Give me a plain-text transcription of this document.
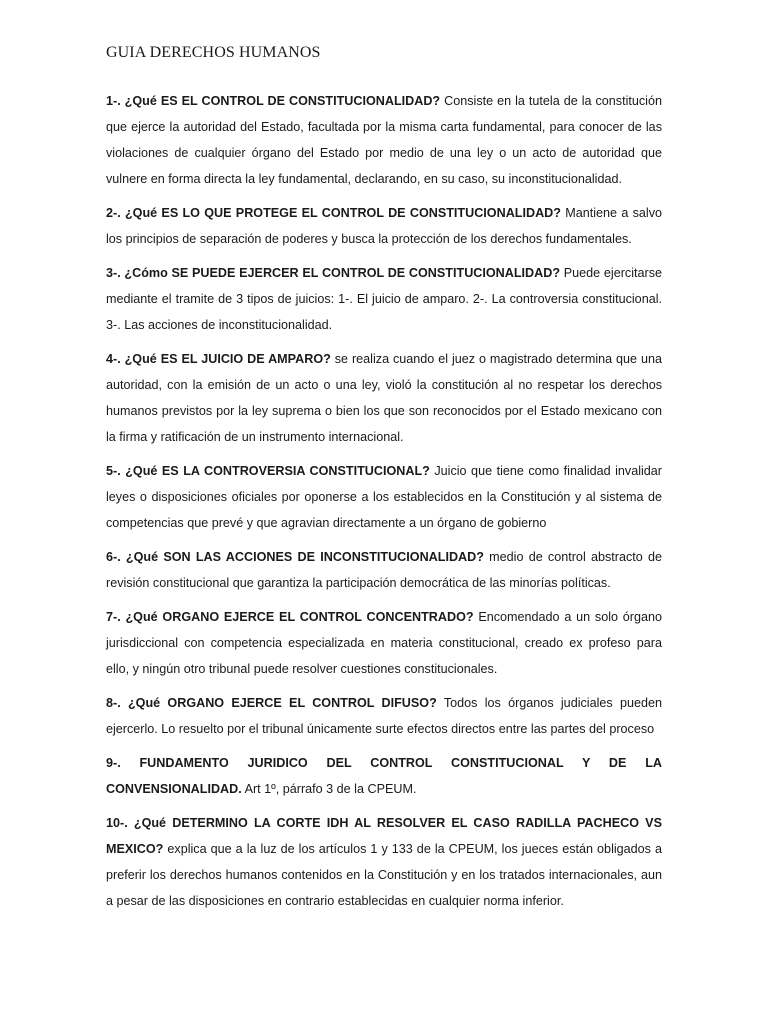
GUIA DERECHOS HUMANOS

1-. ¿Qué ES EL CONTROL DE CONSTITUCIONALIDAD? Consiste en la tutela de la constitución que ejerce la autoridad del Estado, facultada por la misma carta fundamental, para conocer de las violaciones de cualquier órgano del Estado por medio de una ley o un acto de autoridad que vulnere en forma directa la ley fundamental, declarando, en su caso, su inconstitucionalidad.

2-. ¿Qué ES LO QUE PROTEGE EL CONTROL DE CONSTITUCIONALIDAD? Mantiene a salvo los principios de separación de poderes y busca la protección de los derechos fundamentales.

3-. ¿Cómo SE PUEDE EJERCER EL CONTROL DE CONSTITUCIONALIDAD? Puede ejercitarse mediante el tramite de 3 tipos de juicios: 1-. El juicio de amparo. 2-. La controversia constitucional. 3-. Las acciones de inconstitucionalidad.

4-. ¿Qué ES EL JUICIO DE AMPARO? se realiza cuando el juez o magistrado determina que una autoridad, con la emisión de un acto o una ley, violó la constitución al no respetar los derechos humanos previstos por la ley suprema o bien los que son reconocidos por el Estado mexicano con la firma y ratificación de un instrumento internacional.

5-. ¿Qué ES LA CONTROVERSIA CONSTITUCIONAL? Juicio que tiene como finalidad invalidar leyes o disposiciones oficiales por oponerse a los establecidos en la Constitución y al sistema de competencias que prevé y que agravian directamente a un órgano de gobierno

6-. ¿Qué SON LAS ACCIONES DE INCONSTITUCIONALIDAD? medio de control abstracto de revisión constitucional que garantiza la participación democrática de las minorías políticas.

7-. ¿Qué ORGANO EJERCE EL CONTROL CONCENTRADO? Encomendado a un solo órgano jurisdiccional con competencia especializada en materia constitucional, creado ex profeso para ello, y ningún otro tribunal puede resolver cuestiones constitucionales.

8-. ¿Qué ORGANO EJERCE EL CONTROL DIFUSO? Todos los órganos judiciales pueden ejercerlo. Lo resuelto por el tribunal únicamente surte efectos directos entre las partes del proceso

9-. FUNDAMENTO JURIDICO DEL CONTROL CONSTITUCIONAL Y DE LA CONVENSIONALIDAD. Art 1º, párrafo 3 de la CPEUM.

10-. ¿Qué DETERMINO LA CORTE IDH AL RESOLVER EL CASO RADILLA PACHECO VS MEXICO? explica que a la luz de los artículos 1 y 133 de la CPEUM, los jueces están obligados a preferir los derechos humanos contenidos en la Constitución y en los tratados internacionales, aun a pesar de las disposiciones en contrario establecidas en cualquier norma inferior.
